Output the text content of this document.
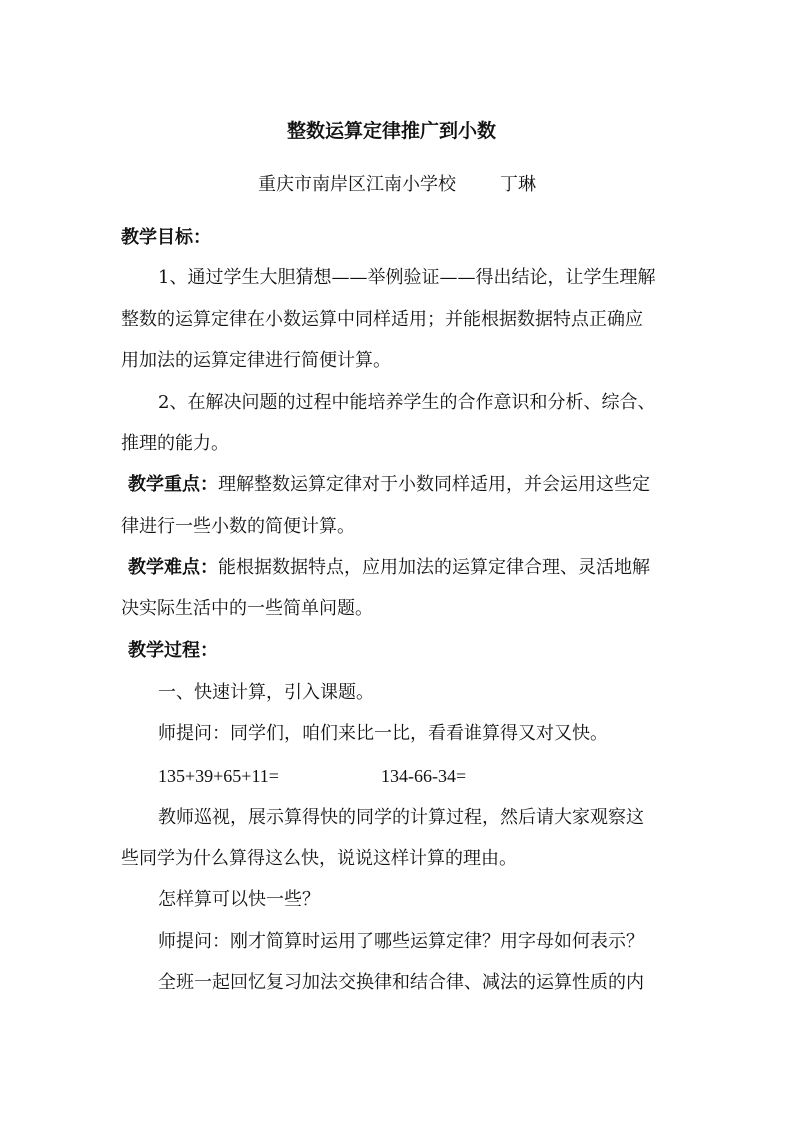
整数运算定律推广到小数
重庆市南岸区江南小学校 丁琳
教学目标：
1、通过学生大胆猜想——举例验证——得出结论，让学生理解
整数的运算定律在小数运算中同样适用；并能根据数据特点正确应
用加法的运算定律进行简便计算。
2、在解决问题的过程中能培养学生的合作意识和分析、综合、
推理的能力。
教学重点：理解整数运算定律对于小数同样适用，并会运用这些定
律进行一些小数的简便计算。
教学难点：能根据数据特点，应用加法的运算定律合理、灵活地解
决实际生活中的一些简单问题。
教学过程：
一、快速计算，引入课题。
师提问：同学们，咱们来比一比，看看谁算得又对又快。
135+39+65+11=	134-66-34=
教师巡视，展示算得快的同学的计算过程，然后请大家观察这
些同学为什么算得这么快，说说这样计算的理由。
怎样算可以快一些？
师提问：刚才简算时运用了哪些运算定律？用字母如何表示？
全班一起回忆复习加法交换律和结合律、减法的运算性质的内
